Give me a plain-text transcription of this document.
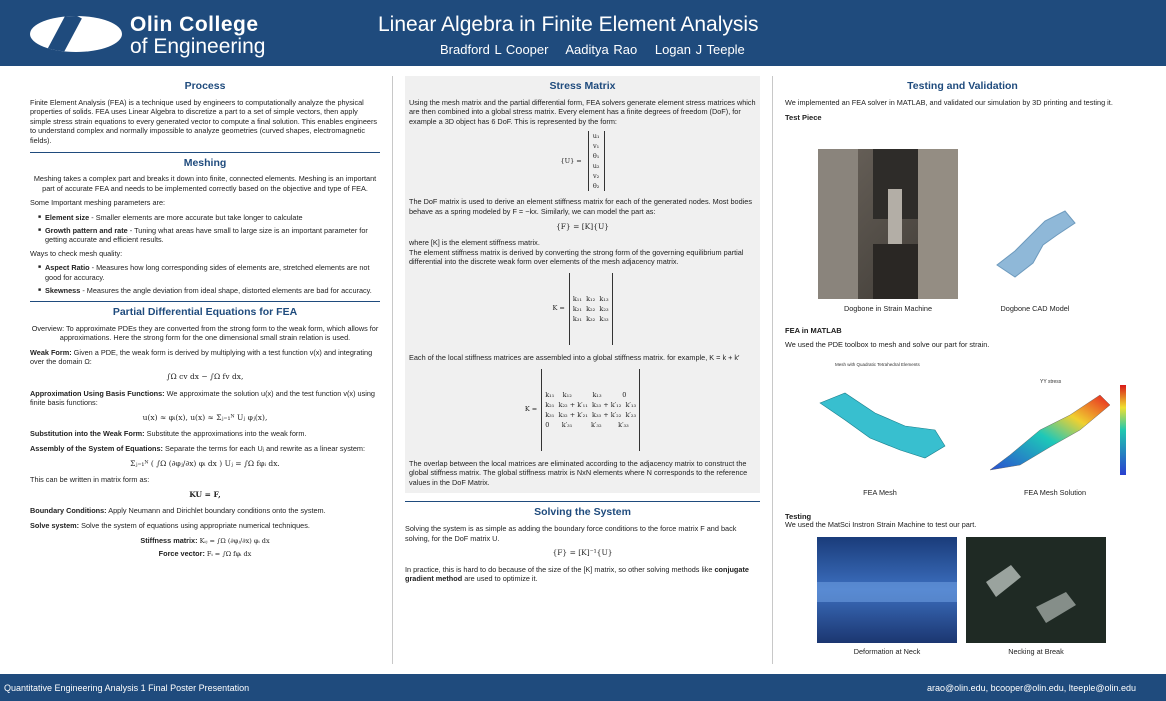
Olin College
of Engineering
Linear Algebra in Finite Element Analysis
Bradford L Cooper Aaditya Rao Logan J Teeple
Process

Finite Element Analysis (FEA) is a technique used by engineers to computationally analyze the physical properties of solids. FEA uses Linear Algebra to discretize a part to a set of simple vectors, then apply simple stress strain equations to every generated vector to compute a final solution. This enables engineers to understand complex and normally impossible to analyze geometries (curved shapes, electromagnetic fields).

Meshing

Meshing takes a complex part and breaks it down into finite, connected elements. Meshing is an important part of accurate FEA and needs to be implemented correctly based on the objective and type of FEA.

Some Important meshing parameters are:

■ Element size - Smaller elements are more accurate but take longer to calculate
■ Growth pattern and rate - Tuning what areas have small to large size is an important parameter for getting accurate and efficient results.

Ways to check mesh quality:

■ Aspect Ratio - Measures how long corresponding sides of elements are, stretched elements are not good for accuracy.
■ Skewness - Measures the angle deviation from ideal shape, distorted elements are bad for accuracy.
Partial Differential Equations for FEA

Overview: To approximate PDEs they are converted from the strong form to the weak form, which allows for approximations. Here the strong form for the one dimensional small strain relation is used.

Weak Form: Given a PDE, the weak form is derived by multiplying with a test function v(x) and integrating over the domain Ω:

∫Ω cv dx − ∫Ω fv dx,

Approximation Using Basis Functions: We approximate the solution u(x) and the test function v(x) using finite basis functions:

u(x) ≈ φᵢ(x), u(x) ≈ Σⱼ₌₁ᴺ Uⱼ φⱼ(x),

Substitution into the Weak Form: Substitute the approximations into the weak form.

Assembly of the System of Equations: Separate the terms for each Uⱼ and rewrite as a linear system:

Σⱼ₌₁ᴺ ( ∫Ω (∂φⱼ/∂x) φᵢ dx ) Uⱼ = ∫Ω fφᵢ dx.

This can be written in matrix form as:

KU = F,

Boundary Conditions: Apply Neumann and Dirichlet boundary conditions onto the system.

Solve system: Solve the system of equations using appropriate numerical techniques.

Stiffness matrix: Kᵢⱼ = ∫Ω (∂φⱼ/∂x) φᵢ dx

Force vector: Fᵢ = ∫Ω fφᵢ dx

Stress Matrix

Using the mesh matrix and the partial differential form, FEA solvers generate element stress matrices which are then combined into a global stress matrix. Every element has a finite degrees of freedom (DoF), for example a 3D object has 6 DoF. This is represented by the form:

{U} =
u₁
v₁
θ₁
u₂
v₂
θ₂

The DoF matrix is used to derive an element stiffness matrix for each of the generated nodes. Most bodies behave as a spring modeled by F = −kx. Similarly, we can model the part as:

{F} = [K]{U}

where [K] is the element stiffness matrix.

The element stiffness matrix is derived by converting the strong form of the governing equilibrium partial differential into the discrete weak form over elements of the mesh adjacency matrix.

K =

k₁₁  k₁₂  k₁₃
k₂₁  k₂₂  k₂₃
k₃₁  k₃₂  k₃₃

Each of the local stiffness matrices are assembled into a global stiffness matrix. for example, K = k + k′

K =

k₁₁    k₁₂          k₁₃          0
k₂₁  k₂₂ + k′₁₁  k₂₃ + k′₁₂  k′₁₃
k₃₁  k₃₂ + k′₂₁  k₃₃ + k′₂₂  k′₂₃
0      k′₃₁         k′₃₂        k′₃₃

The overlap between the local matrices are eliminated according to the adjacency matrix to construct the global stiffness matrix. The global stiffness matrix is NxN elements where N corresponds to the reference values in the DoF Matrix.

Solving the System

Solving the system is as simple as adding the boundary force conditions to the force matrix F and back solving, for the DoF matrix U.

{F} = [K]⁻¹{U}

In practice, this is hard to do because of the size of the [K] matrix, so other solving methods like conjugate gradient method are used to optimize it.

Testing and Validation

We implemented an FEA solver in MATLAB, and validated our simulation by 3D printing and testing it.

Test Piece
Dogbone in Strain Machine	Dogbone CAD Model
FEA in MATLAB

We used the PDE toolbox to mesh and solve our part for strain.

Mesh with Quadratic Tetrahedral Elements
FEA Mesh
YY stress
FEA Mesh Solution
Testing

We used the MatSci Instron Strain Machine to test our part.

Deformation at Neck	Necking at Break
Quantitative Engineering Analysis 1 Final Poster Presentation	arao@olin.edu, bcooper@olin.edu, lteeple@olin.edu
